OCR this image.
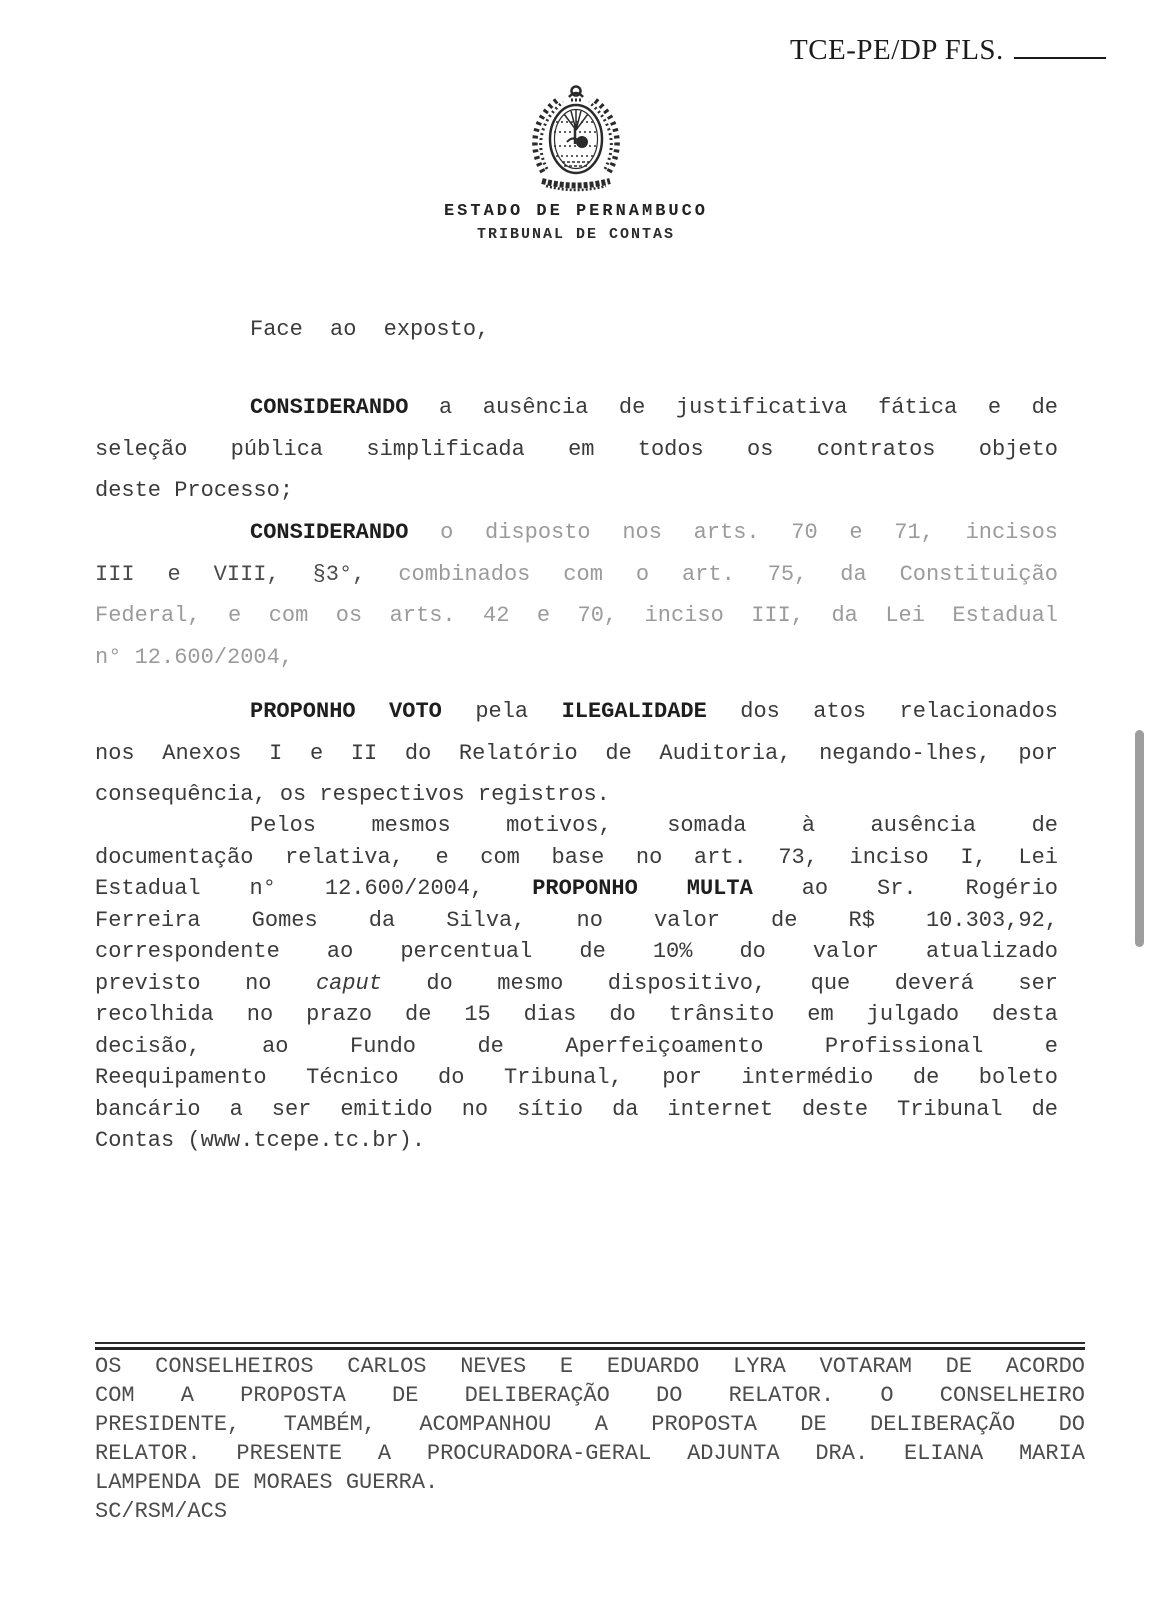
TCE-PE/DP FLS.
ESTADO DE PERNAMBUCO
TRIBUNAL DE CONTAS
Face ao exposto,
CONSIDERANDO a ausência de justificativa fática e de
seleção pública simplificada em todos os contratos objeto
deste Processo;
CONSIDERANDO o disposto nos arts. 70 e 71, incisos
III e VIII, §3°, combinados com o art. 75, da Constituição
Federal, e com os arts. 42 e 70, inciso III, da Lei Estadual
n° 12.600/2004,
PROPONHO VOTO pela ILEGALIDADE dos atos relacionados
nos Anexos I e II do Relatório de Auditoria, negando-lhes, por
consequência, os respectivos registros.
Pelos mesmos motivos, somada à ausência de
documentação relativa, e com base no art. 73, inciso I, Lei
Estadual n° 12.600/2004, PROPONHO MULTA ao Sr. Rogério
Ferreira Gomes da Silva, no valor de R$ 10.303,92,
correspondente ao percentual de 10% do valor atualizado
previsto no caput do mesmo dispositivo, que deverá ser
recolhida no prazo de 15 dias do trânsito em julgado desta
decisão, ao Fundo de Aperfeiçoamento Profissional e
Reequipamento Técnico do Tribunal, por intermédio de boleto
bancário a ser emitido no sítio da internet deste Tribunal de
Contas (www.tcepe.tc.br).
OS CONSELHEIROS CARLOS NEVES E EDUARDO LYRA VOTARAM DE ACORDO
COM A PROPOSTA DE DELIBERAÇÃO DO RELATOR. O CONSELHEIRO
PRESIDENTE, TAMBÉM, ACOMPANHOU A PROPOSTA DE DELIBERAÇÃO DO
RELATOR. PRESENTE A PROCURADORA-GERAL ADJUNTA DRA. ELIANA MARIA
LAMPENDA DE MORAES GUERRA.
SC/RSM/ACS
